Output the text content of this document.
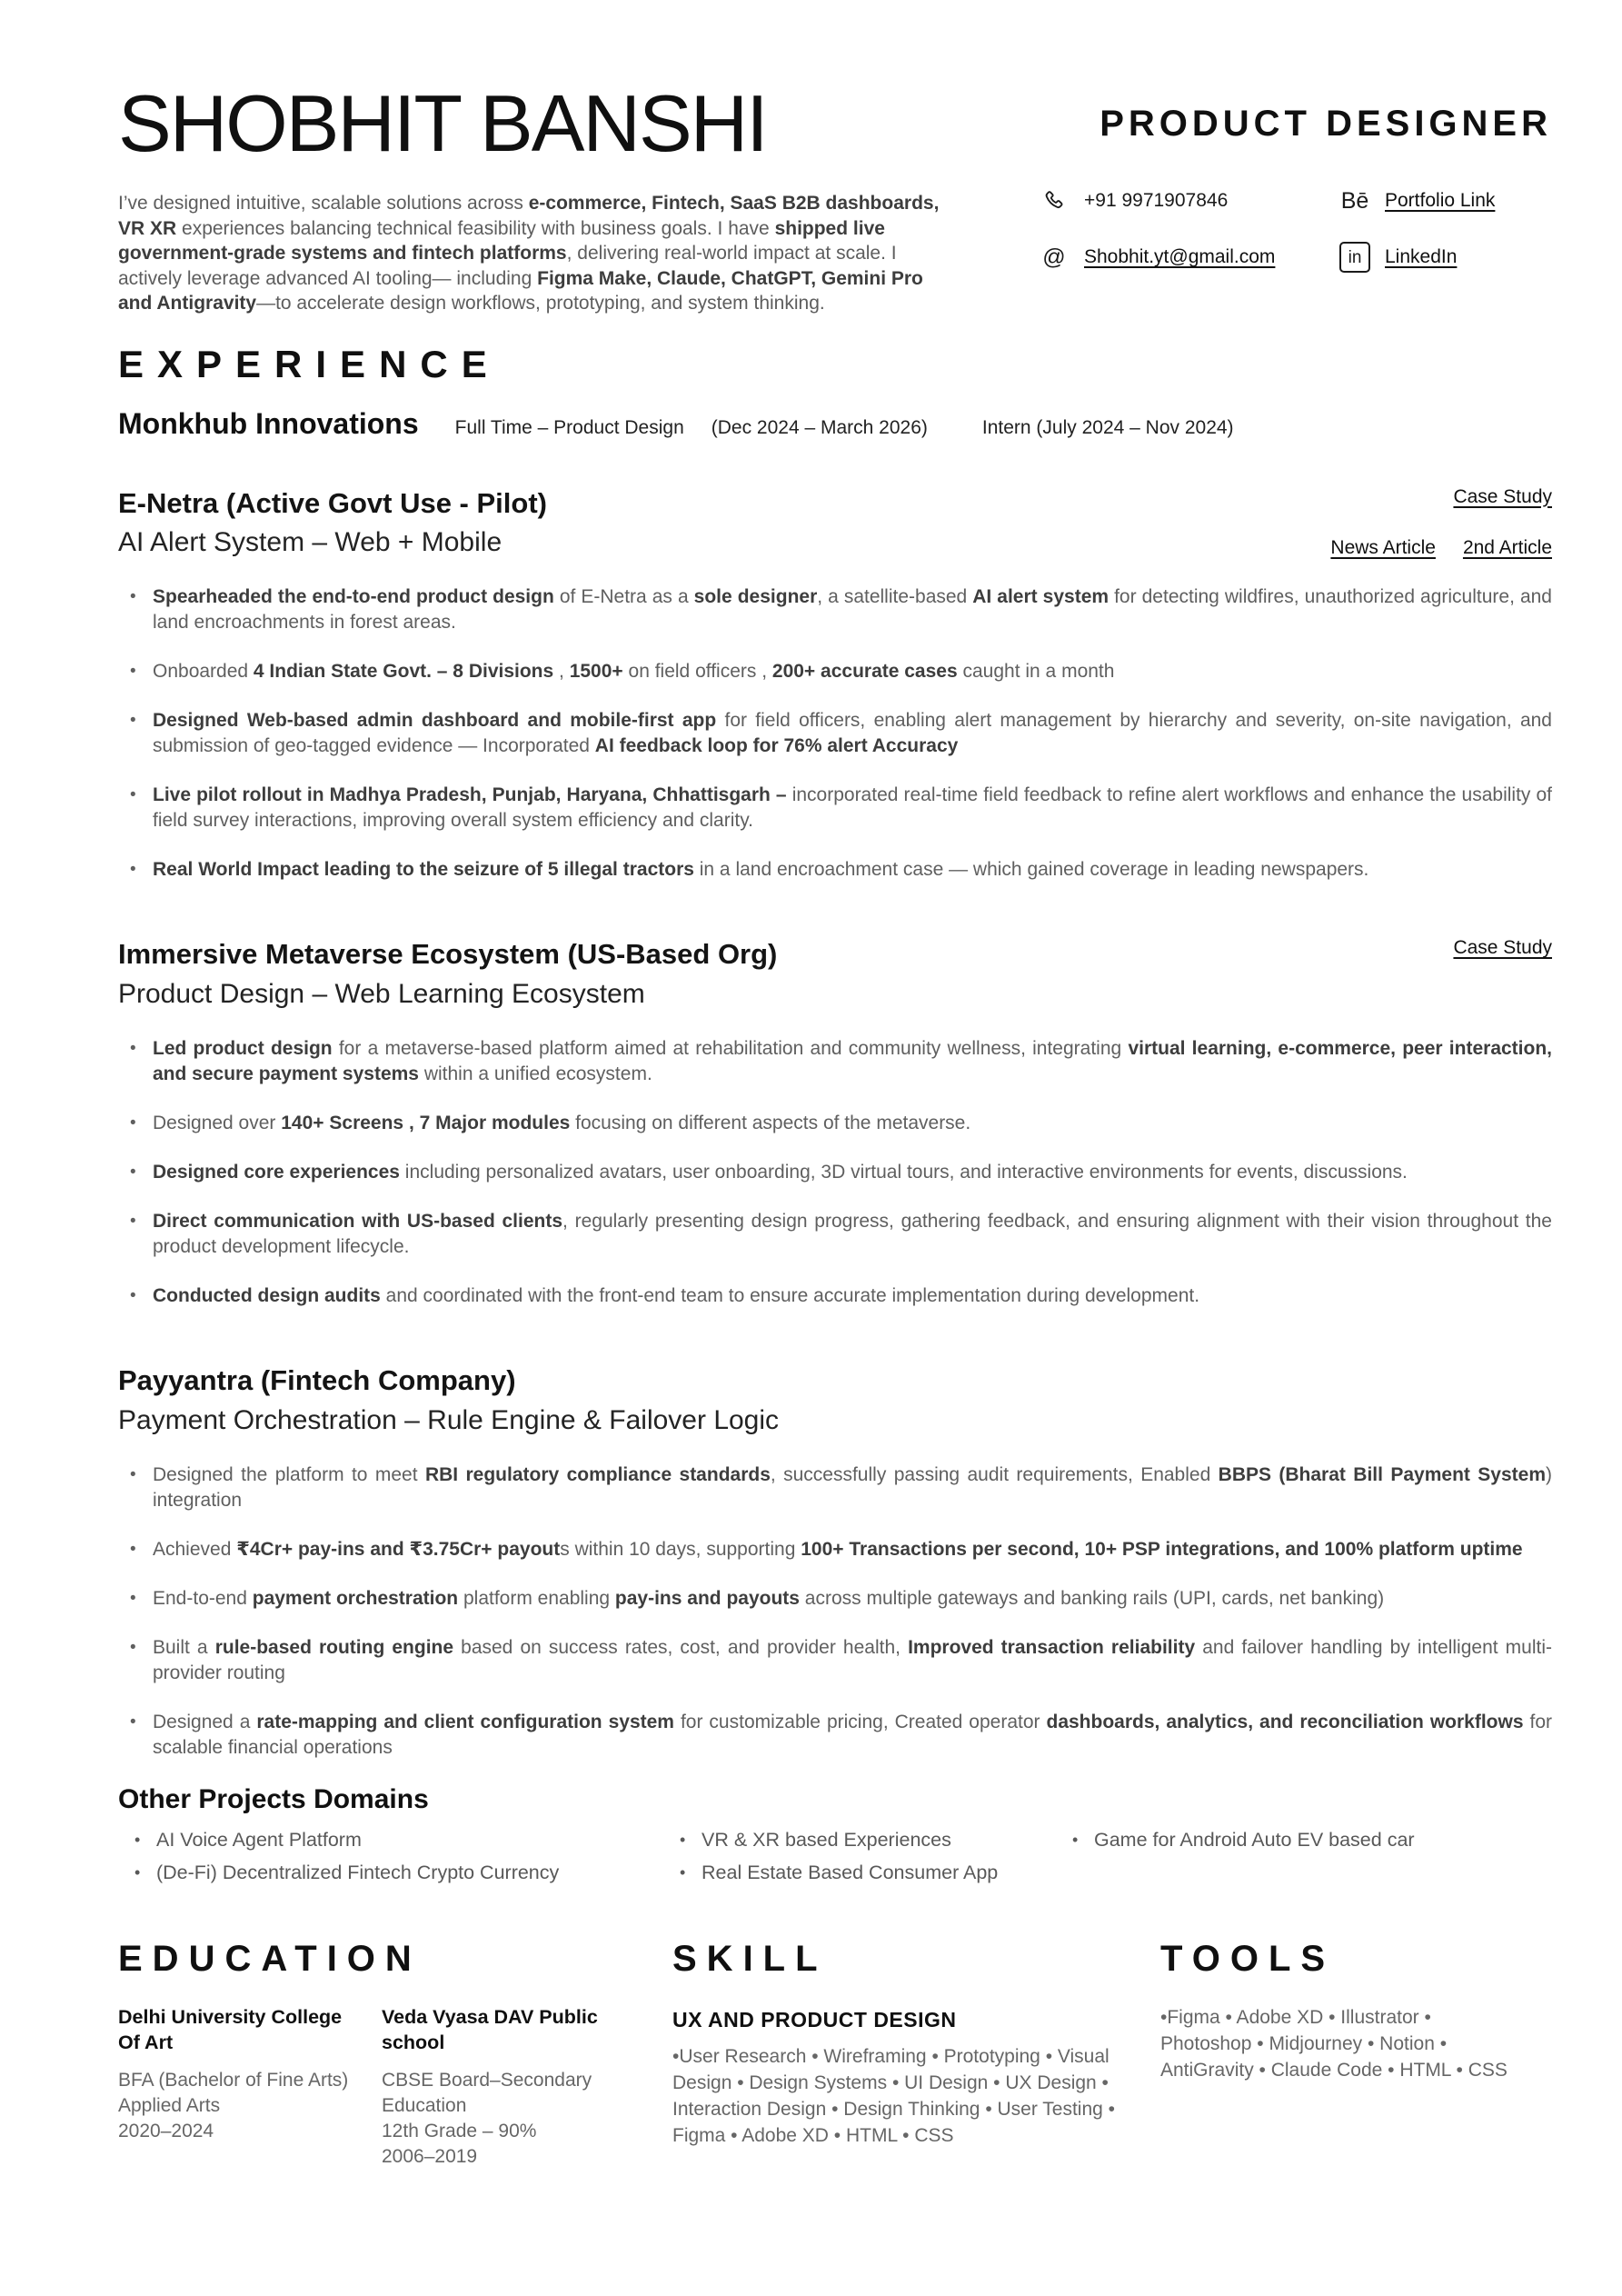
SHOBHIT BANSHI

I’ve designed intuitive, scalable solutions across e-commerce, Fintech, SaaS B2B dashboards, VR XR experiences balancing technical feasibility with business goals. I have shipped live government-grade systems and fintech platforms, delivering real-world impact at scale. I actively leverage advanced AI tooling— including Figma Make, Claude, ChatGPT, Gemini Pro and Antigravity—to accelerate design workflows, prototyping, and system thinking.

PRODUCT DESIGNER
+91 9971907846
@ Shobhit.yt@gmail.com
Bē Portfolio Link
in	LinkedIn
EXPERIENCE
Monkhub Innovations Full Time – Product Design (Dec 2024 – March 2026)	Intern (July 2024 – Nov 2024)
E-Netra (Active Govt Use - Pilot)	Case Study

AI Alert System – Web + Mobile	News Article 2nd Article
•

Spearheaded the end-to-end product design of E-Netra as a sole designer, a satellite-based AI alert system for detecting wildfires, unauthorized agriculture, and land encroachments in forest areas.

•

Onboarded 4 Indian State Govt. – 8 Divisions , 1500+ on field officers , 200+ accurate cases caught in a month

•

Designed Web-based admin dashboard and mobile-first app for field officers, enabling alert management by hierarchy and severity, on-site navigation, and submission of geo-tagged evidence — Incorporated AI feedback loop for 76% alert Accuracy

•

Live pilot rollout in Madhya Pradesh, Punjab, Haryana, Chhattisgarh – incorporated real-time field feedback to refine alert workflows and enhance the usability of field survey interactions, improving overall system efficiency and clarity.

•

Real World Impact leading to the seizure of 5 illegal tractors in a land encroachment case — which gained coverage in leading newspapers.

Immersive Metaverse Ecosystem (US-Based Org)	Case Study

Product Design – Web Learning Ecosystem

•

Led product design for a metaverse-based platform aimed at rehabilitation and community wellness, integrating virtual learning, e-commerce, peer interaction, and secure payment systems within a unified ecosystem.

•

Designed over 140+ Screens , 7 Major modules focusing on different aspects of the metaverse.

•

Designed core experiences including personalized avatars, user onboarding, 3D virtual tours, and interactive environments for events, discussions.

•

Direct communication with US-based clients, regularly presenting design progress, gathering feedback, and ensuring alignment with their vision throughout the product development lifecycle.

•

Conducted design audits and coordinated with the front-end team to ensure accurate implementation during development.

Payyantra (Fintech Company)

Payment Orchestration – Rule Engine & Failover Logic

•

Designed the platform to meet RBI regulatory compliance standards, successfully passing audit requirements, Enabled BBPS (Bharat Bill Payment System) integration

•

Achieved ₹4Cr+ pay-ins and ₹3.75Cr+ payouts within 10 days, supporting 100+ Transactions per second, 10+ PSP integrations, and 100% platform uptime

•

End-to-end payment orchestration platform enabling pay-ins and payouts across multiple gateways and banking rails (UPI, cards, net banking)

•

Built a rule-based routing engine based on success rates, cost, and provider health, Improved transaction reliability and failover handling by intelligent multi-provider routing

•

Designed a rate-mapping and client configuration system for customizable pricing, Created operator dashboards, analytics, and reconciliation workflows for scalable financial operations

Other Projects Domains
• AI Voice Agent Platform
• (De-Fi) Decentralized Fintech Crypto Currency
• VR & XR based Experiences
• Real Estate Based Consumer App
• Game for Android Auto EV based car
EDUCATION

Delhi University College Of Art

BFA (Bachelor of Fine Arts)
Applied Arts
2020–2024

Veda Vyasa DAV Public school

CBSE Board–Secondary Education
12th Grade – 90%
2006–2019
SKILL

UX AND PRODUCT DESIGN

•User Research • Wireframing • Prototyping • Visual Design • Design Systems • UI Design • UX Design • Interaction Design • Design Thinking • User Testing • Figma • Adobe XD • HTML • CSS

TOOLS

•Figma • Adobe XD • Illustrator • Photoshop • Midjourney • Notion • AntiGravity • Claude Code • HTML • CSS
